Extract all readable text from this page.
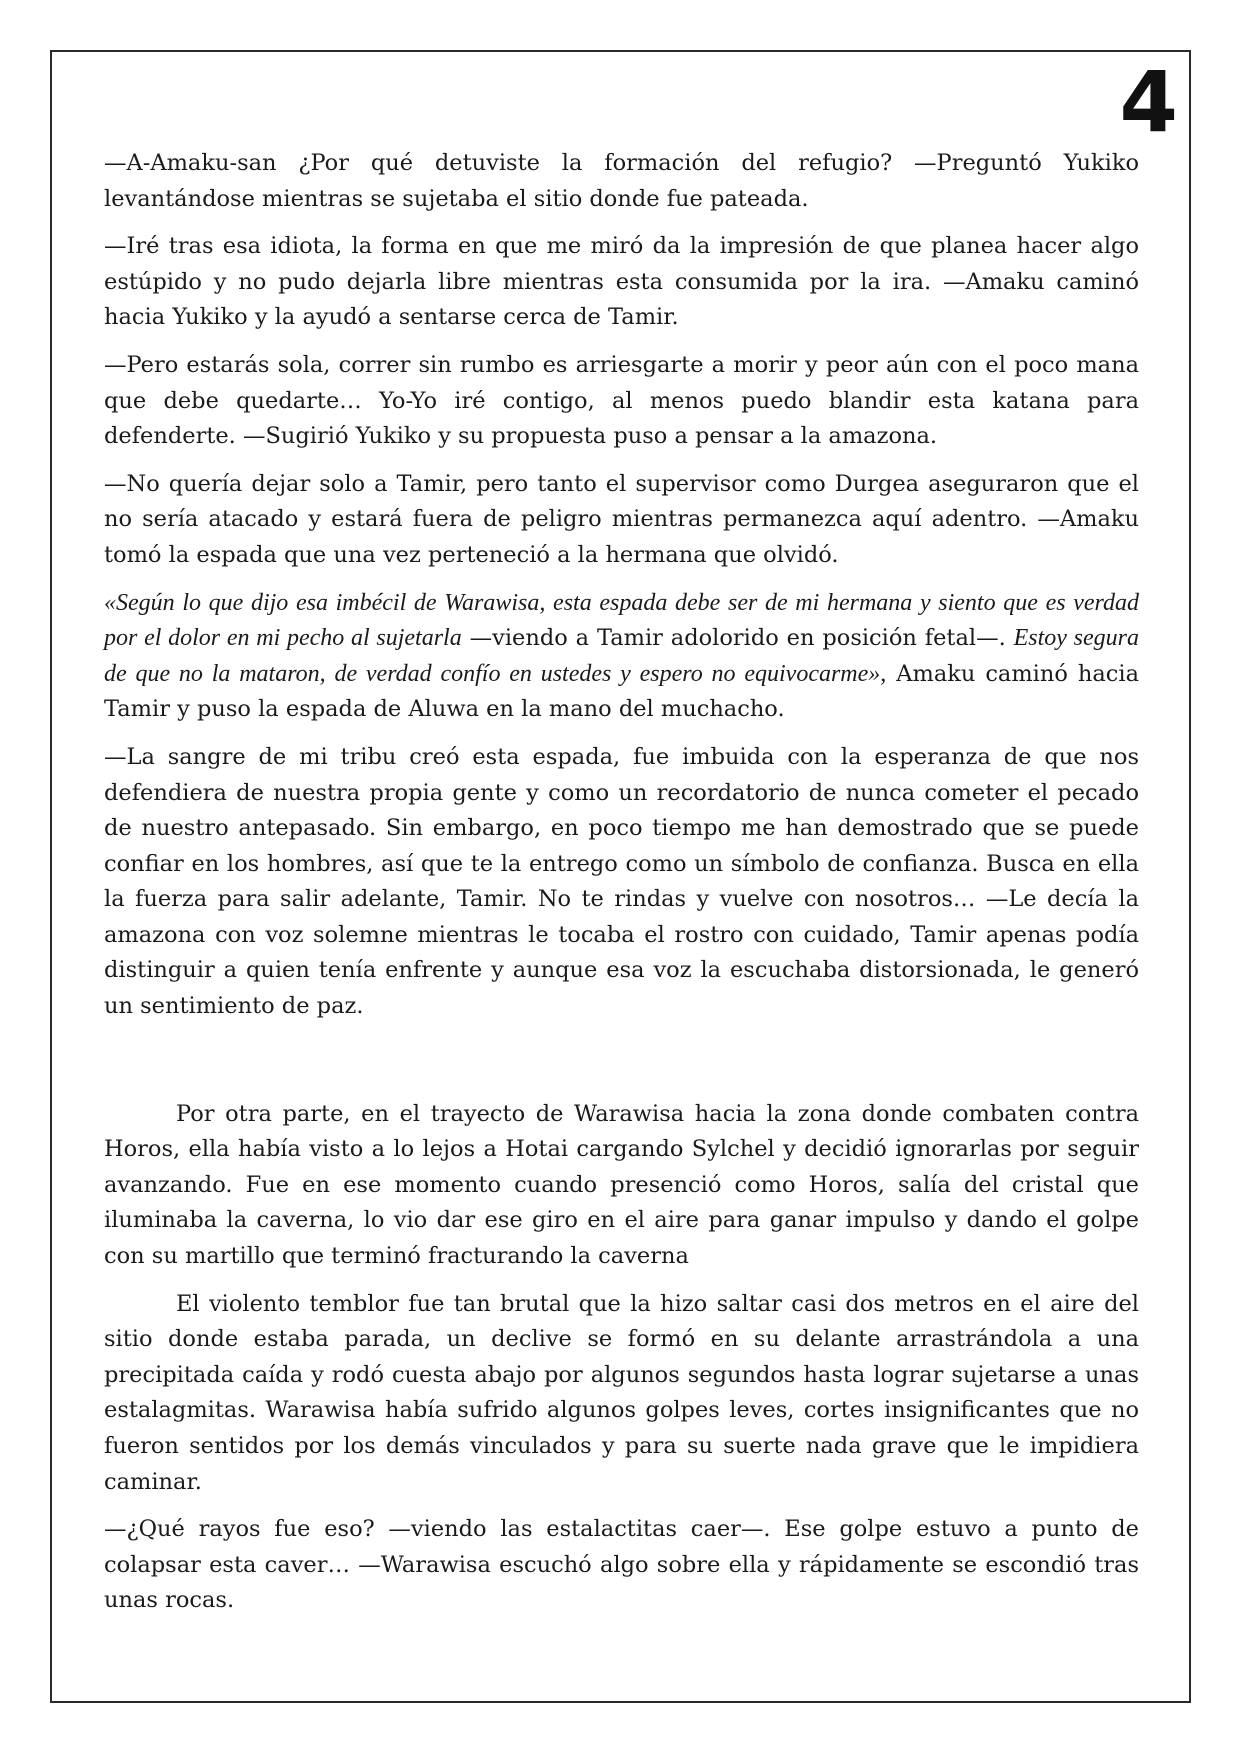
4

—A-Amaku-san ¿Por qué detuviste la formación del refugio? —Preguntó Yukiko levantándose mientras se sujetaba el sitio donde fue pateada.

—Iré tras esa idiota, la forma en que me miró da la impresión de que planea hacer algo estúpido y no pudo dejarla libre mientras esta consumida por la ira. —Amaku caminó hacia Yukiko y la ayudó a sentarse cerca de Tamir.

—Pero estarás sola, correr sin rumbo es arriesgarte a morir y peor aún con el poco mana que debe quedarte… Yo-Yo iré contigo, al menos puedo blandir esta katana para defenderte. —Sugirió Yukiko y su propuesta puso a pensar a la amazona.

—No quería dejar solo a Tamir, pero tanto el supervisor como Durgea aseguraron que el no sería atacado y estará fuera de peligro mientras permanezca aquí adentro. —Amaku tomó la espada que una vez perteneció a la hermana que olvidó.

«Según lo que dijo esa imbécil de Warawisa, esta espada debe ser de mi hermana y siento que es verdad por el dolor en mi pecho al sujetarla —viendo a Tamir adolorido en posición fetal—. Estoy segura de que no la mataron, de verdad confío en ustedes y espero no equivocarme», Amaku caminó hacia Tamir y puso la espada de Aluwa en la mano del muchacho.

—La sangre de mi tribu creó esta espada, fue imbuida con la esperanza de que nos defendiera de nuestra propia gente y como un recordatorio de nunca cometer el pecado de nuestro antepasado. Sin embargo, en poco tiempo me han demostrado que se puede confiar en los hombres, así que te la entrego como un símbolo de confianza. Busca en ella la fuerza para salir adelante, Tamir. No te rindas y vuelve con nosotros… —Le decía la amazona con voz solemne mientras le tocaba el rostro con cuidado, Tamir apenas podía distinguir a quien tenía enfrente y aunque esa voz la escuchaba distorsionada, le generó un sentimiento de paz.

Por otra parte, en el trayecto de Warawisa hacia la zona donde combaten contra Horos, ella había visto a lo lejos a Hotai cargando Sylchel y decidió ignorarlas por seguir avanzando. Fue en ese momento cuando presenció como Horos, salía del cristal que iluminaba la caverna, lo vio dar ese giro en el aire para ganar impulso y dando el golpe con su martillo que terminó fracturando la caverna

El violento temblor fue tan brutal que la hizo saltar casi dos metros en el aire del sitio donde estaba parada, un declive se formó en su delante arrastrándola a una precipitada caída y rodó cuesta abajo por algunos segundos hasta lograr sujetarse a unas estalagmitas. Warawisa había sufrido algunos golpes leves, cortes insignificantes que no fueron sentidos por los demás vinculados y para su suerte nada grave que le impidiera caminar.

—¿Qué rayos fue eso? —viendo las estalactitas caer—. Ese golpe estuvo a punto de colapsar esta caver… —Warawisa escuchó algo sobre ella y rápidamente se escondió tras unas rocas.
